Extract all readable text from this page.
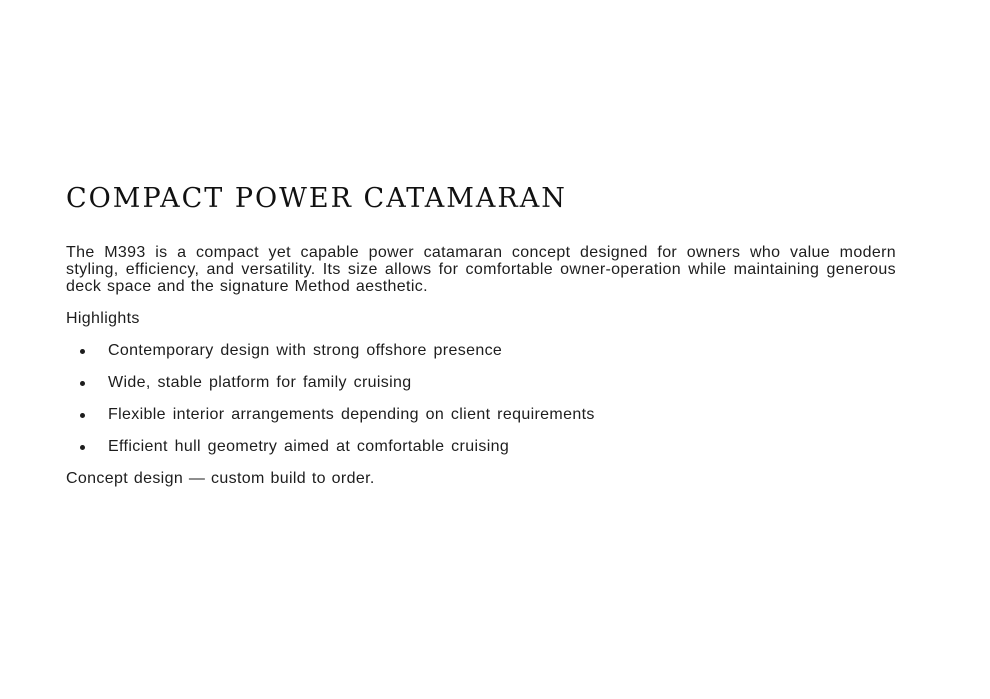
COMPACT POWER CATAMARAN

The M393 is a compact yet capable power catamaran concept designed for owners who value modern styling, efficiency, and versatility. Its size allows for comfortable owner-operation while maintaining generous deck space and the signature Method aesthetic.

Highlights

Contemporary design with strong offshore presence
Wide, stable platform for family cruising
Flexible interior arrangements depending on client requirements
Efficient hull geometry aimed at comfortable cruising

Concept design — custom build to order.
